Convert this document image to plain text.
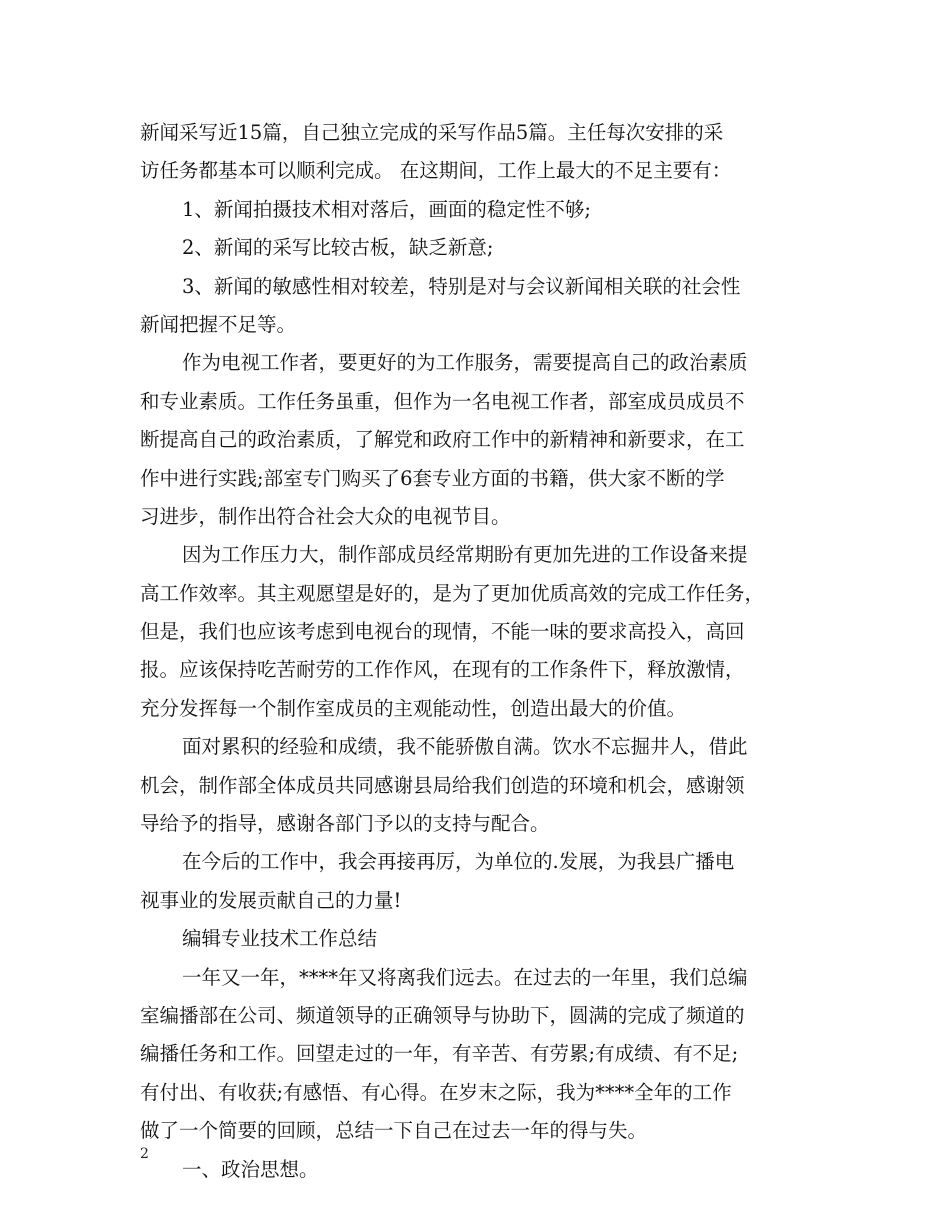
新闻采写近15篇，自己独立完成的采写作品5篇。主任每次安排的采
访任务都基本可以顺利完成。 在这期间，工作上最大的不足主要有：
1、新闻拍摄技术相对落后，画面的稳定性不够;
2、新闻的采写比较古板，缺乏新意;
3、新闻的敏感性相对较差，特别是对与会议新闻相关联的社会性
新闻把握不足等。
作为电视工作者，要更好的为工作服务，需要提高自己的政治素质
和专业素质。工作任务虽重，但作为一名电视工作者，部室成员成员不
断提高自己的政治素质，了解党和政府工作中的新精神和新要求，在工
作中进行实践;部室专门购买了6套专业方面的书籍，供大家不断的学
习进步，制作出符合社会大众的电视节目。
因为工作压力大，制作部成员经常期盼有更加先进的工作设备来提
高工作效率。其主观愿望是好的，是为了更加优质高效的完成工作任务，
但是，我们也应该考虑到电视台的现情，不能一味的要求高投入，高回
报。应该保持吃苦耐劳的工作作风，在现有的工作条件下，释放激情，
充分发挥每一个制作室成员的主观能动性，创造出最大的价值。
面对累积的经验和成绩，我不能骄傲自满。饮水不忘掘井人，借此
机会，制作部全体成员共同感谢县局给我们创造的环境和机会，感谢领
导给予的指导，感谢各部门予以的支持与配合。
在今后的工作中，我会再接再厉，为单位的.发展，为我县广播电
视事业的发展贡献自己的力量!
编辑专业技术工作总结
一年又一年，****年又将离我们远去。在过去的一年里，我们总编
室编播部在公司、频道领导的正确领导与协助下，圆满的完成了频道的
编播任务和工作。回望走过的一年，有辛苦、有劳累;有成绩、有不足;
有付出、有收获;有感悟、有心得。在岁末之际，我为****全年的工作
做了一个简要的回顾，总结一下自己在过去一年的得与失。
一、政治思想。
2
